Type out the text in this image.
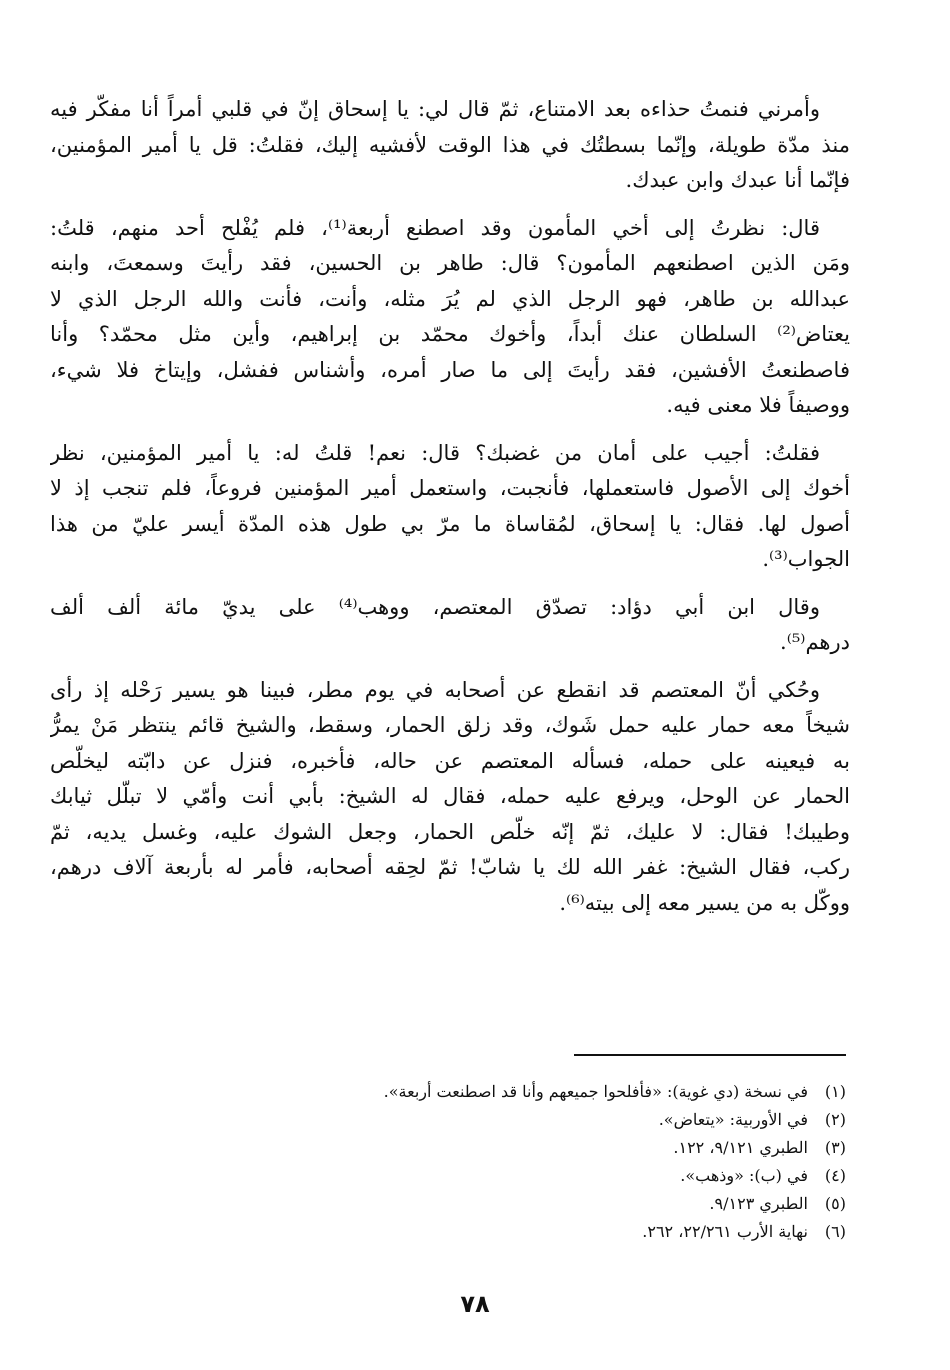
وأمرني فنمتُ حذاءه بعد الامتناع، ثمّ قال لي: يا إسحاق إنّ في قلبي أمراً أنا مفكّر فيه
منذ مدّة طويلة، وإنّما بسطتُك في هذا الوقت لأفشيه إليك، فقلتُ: قل يا أمير المؤمنين،
فإنّما أنا عبدك وابن عبدك.

قال: نظرتُ إلى أخي المأمون وقد اصطنع أربعة⁽¹⁾، فلم يُفْلح أحد منهم، قلتُ:
ومَن الذين اصطنعهم المأمون؟ قال: طاهر بن الحسين، فقد رأيتَ وسمعتَ، وابنه
عبدالله بن طاهر، فهو الرجل الذي لم يُرَ مثله، وأنت، فأنت والله الرجل الذي لا
يعتاض⁽²⁾ السلطان عنك أبداً، وأخوك محمّد بن إبراهيم، وأين مثل محمّد؟ وأنا
فاصطنعتُ الأفشين، فقد رأيتَ إلى ما صار أمره، وأشناس ففشل، وإيتاخ فلا شيء،
ووصيفاً فلا معنى فيه.

فقلتُ: أجيب على أمان من غضبك؟ قال: نعم! قلتُ له: يا أمير المؤمنين، نظر
أخوك إلى الأصول فاستعملها، فأنجبت، واستعمل أمير المؤمنين فروعاً، فلم تنجب إذ لا
أصول لها. فقال: يا إسحاق، لمُقاساة ما مرّ بي طول هذه المدّة أيسر عليّ من هذا
الجواب⁽³⁾.

وقال ابن أبي دؤاد: تصدّق المعتصم، ووهب⁽⁴⁾ على يديّ مائة ألف ألف
درهم⁽⁵⁾.

وحُكي أنّ المعتصم قد انقطع عن أصحابه في يوم مطر، فبينا هو يسير رَحْله إذ رأى
شيخاً معه حمار عليه حمل شَوك، وقد زلق الحمار، وسقط، والشيخ قائم ينتظر مَنْ يمرُّ
به فيعينه على حمله، فسأله المعتصم عن حاله، فأخبره، فنزل عن دابّته ليخلّص
الحمار عن الوحل، ويرفع عليه حمله، فقال له الشيخ: بأبي أنت وأمّي لا تبلّل ثيابك
وطيبك! فقال: لا عليك، ثمّ إنّه خلّص الحمار، وجعل الشوك عليه، وغسل يديه، ثمّ
ركب، فقال الشيخ: غفر الله لك يا شابّ! ثمّ لحِقه أصحابه، فأمر له بأربعة آلاف درهم،
ووكّل به من يسير معه إلى بيته⁽⁶⁾.

(١)
في نسخة (دي غوية): «فأفلحوا جميعهم وأنا قد اصطنعت أربعة».
(٢)
في الأوربية: «يتعاض».
(٣)
الطبري ٩/١٢١، ١٢٢.
(٤)
في (ب): «وذهب».
(٥)
الطبري ٩/١٢٣.
(٦)
نهاية الأرب ٢٢/٢٦١، ٢٦٢.
٧٨
